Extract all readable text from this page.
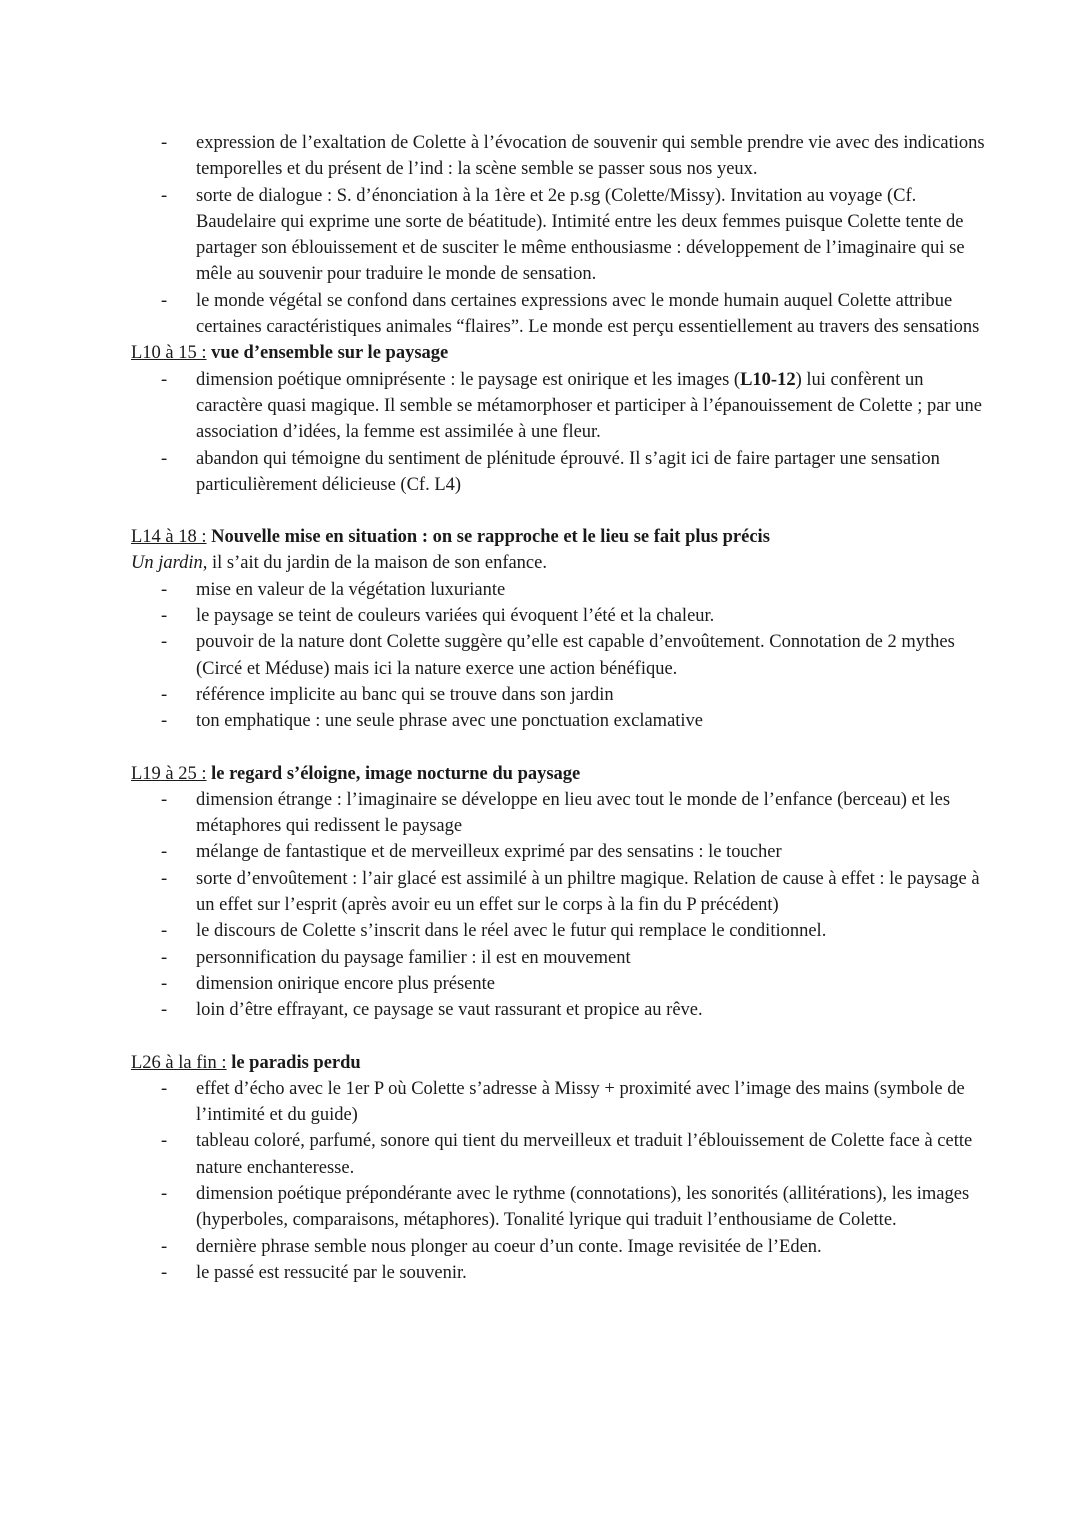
- expression de l’exaltation de Colette à l’évocation de souvenir qui semble prendre vie avec des indications temporelles et du présent de l’ind : la scène semble se passer sous nos yeux.
- sorte de dialogue : S. d’énonciation à la 1ère et 2e p.sg (Colette/Missy). Invitation au voyage (Cf. Baudelaire qui exprime une sorte de béatitude). Intimité entre les deux femmes puisque Colette tente de partager son éblouissement et de susciter le même enthousiasme : développement de l’imaginaire qui se mêle au souvenir pour traduire le monde de sensation.
- le monde végétal se confond dans certaines expressions avec le monde humain auquel Colette attribue certaines caractéristiques animales “flaires”. Le monde est perçu essentiellement au travers des sensations

L10 à 15 : vue d’ensemble sur le paysage

- dimension poétique omniprésente : le paysage est onirique et les images (L10-12) lui confèrent un caractère quasi magique. Il semble se métamorphoser et participer à l’épanouissement de Colette ; par une association d’idées, la femme est assimilée à une fleur.
- abandon qui témoigne du sentiment de plénitude éprouvé. Il s’agit ici de faire partager une sensation particulièrement délicieuse (Cf. L4)

L14 à 18 : Nouvelle mise en situation : on se rapproche et le lieu se fait plus précis

Un jardin, il s’ait du jardin de la maison de son enfance.

- mise en valeur de la végétation luxuriante
- le paysage se teint de couleurs variées qui évoquent l’été et la chaleur.
- pouvoir de la nature dont Colette suggère qu’elle est capable d’envoûtement. Connotation de 2 mythes (Circé et Méduse) mais ici la nature exerce une action bénéfique.
- référence implicite au banc qui se trouve dans son jardin
- ton emphatique : une seule phrase avec une ponctuation exclamative

L19 à 25 : le regard s’éloigne, image nocturne du paysage

- dimension étrange : l’imaginaire se développe en lieu avec tout le monde de l’enfance (berceau) et les métaphores qui redissent le paysage
- mélange de fantastique et de merveilleux exprimé par des sensatins : le toucher
- sorte d’envoûtement : l’air glacé est assimilé à un philtre magique. Relation de cause à effet : le paysage à un effet sur l’esprit (après avoir eu un effet sur le corps à la fin du P précédent)
- le discours de Colette s’inscrit dans le réel avec le futur qui remplace le conditionnel.
- personnification du paysage familier : il est en mouvement
- dimension onirique encore plus présente
- loin d’être effrayant, ce paysage se vaut rassurant et propice au rêve.

L26 à la fin : le paradis perdu

- effet d’écho avec le 1er P où Colette s’adresse à Missy + proximité avec l’image des mains (symbole de l’intimité et du guide)
- tableau coloré, parfumé, sonore qui tient du merveilleux et traduit l’éblouissement de Colette face à cette nature enchanteresse.
- dimension poétique prépondérante avec le rythme (connotations), les sonorités (allitérations), les images (hyperboles, comparaisons, métaphores). Tonalité lyrique qui traduit l’enthousiame de Colette.
- dernière phrase semble nous plonger au coeur d’un conte. Image revisitée de l’Eden.
- le passé est ressucité par le souvenir.
